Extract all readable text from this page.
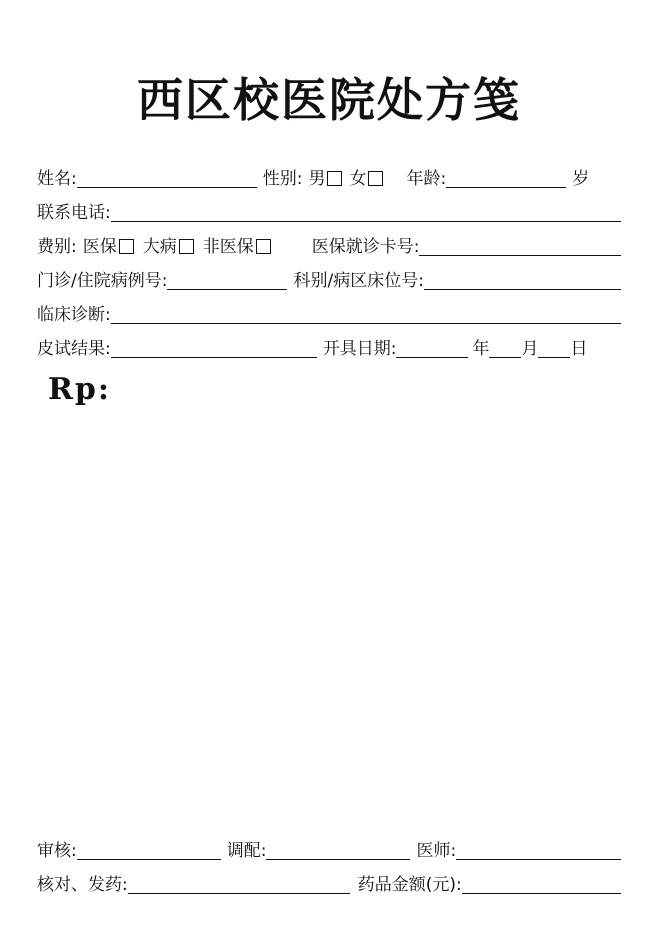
西区校医院处方笺
姓名:	性别: 男 女 年龄:	岁
联系电话:
费别: 医保 大病 非医保	医保就诊卡号:
门诊/住院病例号:	科别/病区床位号:
临床诊断:
皮试结果:	开具日期:	年 月 日
Rp:
审核:	调配:	医师:
核对、发药:	药品金额(元):
